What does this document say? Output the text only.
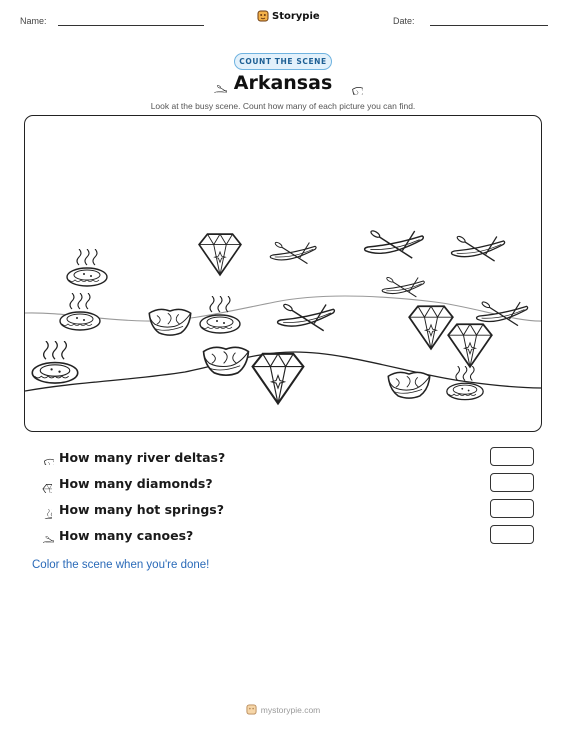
Name:	Storypie	Date:
COUNT THE SCENE
Arkansas
Look at the busy scene. Count how many of each picture you can find.
How many river deltas?
How many diamonds?
How many hot springs?
How many canoes?
Color the scene when you're done!
mystorypie.com
